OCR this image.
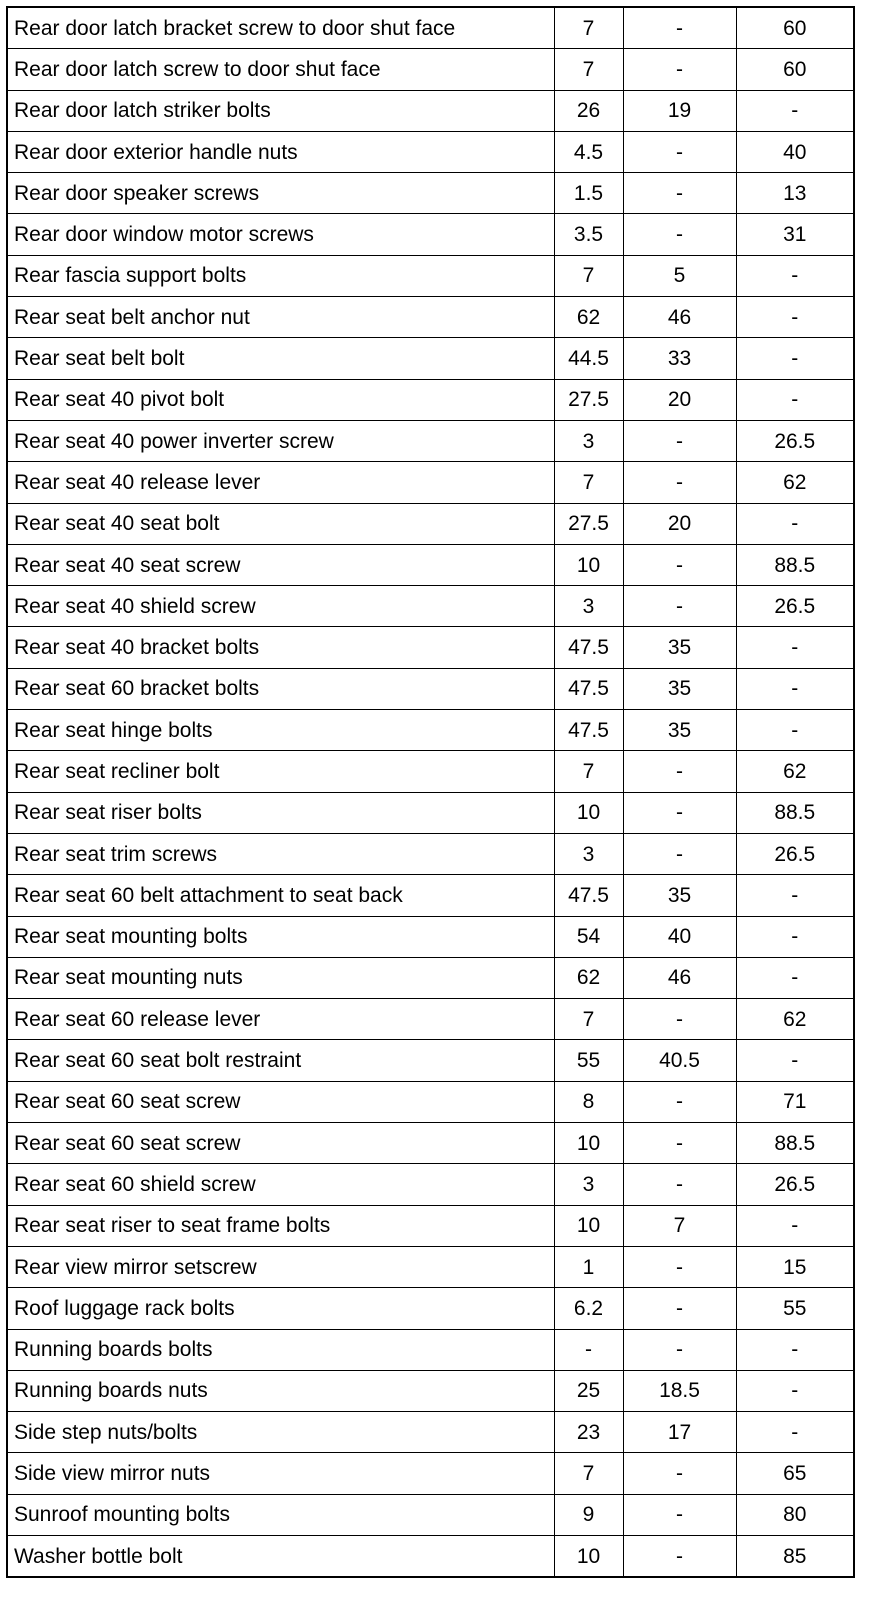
Rear door latch bracket screw to door shut face	7	-	60
Rear door latch screw to door shut face	7	-	60
Rear door latch striker bolts	26	19	-
Rear door exterior handle nuts	4.5	-	40
Rear door speaker screws	1.5	-	13
Rear door window motor screws	3.5	-	31
Rear fascia support bolts	7	5	-
Rear seat belt anchor nut	62	46	-
Rear seat belt bolt	44.5	33	-
Rear seat 40 pivot bolt	27.5	20	-
Rear seat 40 power inverter screw	3	-	26.5
Rear seat 40 release lever	7	-	62
Rear seat 40 seat bolt	27.5	20	-
Rear seat 40 seat screw	10	-	88.5
Rear seat 40 shield screw	3	-	26.5
Rear seat 40 bracket bolts	47.5	35	-
Rear seat 60 bracket bolts	47.5	35	-
Rear seat hinge bolts	47.5	35	-
Rear seat recliner bolt	7	-	62
Rear seat riser bolts	10	-	88.5
Rear seat trim screws	3	-	26.5
Rear seat 60 belt attachment to seat back	47.5	35	-
Rear seat mounting bolts	54	40	-
Rear seat mounting nuts	62	46	-
Rear seat 60 release lever	7	-	62
Rear seat 60 seat bolt restraint	55	40.5	-
Rear seat 60 seat screw	8	-	71
Rear seat 60 seat screw	10	-	88.5
Rear seat 60 shield screw	3	-	26.5
Rear seat riser to seat frame bolts	10	7	-
Rear view mirror setscrew	1	-	15
Roof luggage rack bolts	6.2	-	55
Running boards bolts	-	-	-
Running boards nuts	25	18.5	-
Side step nuts/bolts	23	17	-
Side view mirror nuts	7	-	65
Sunroof mounting bolts	9	-	80
Washer bottle bolt	10	-	85
